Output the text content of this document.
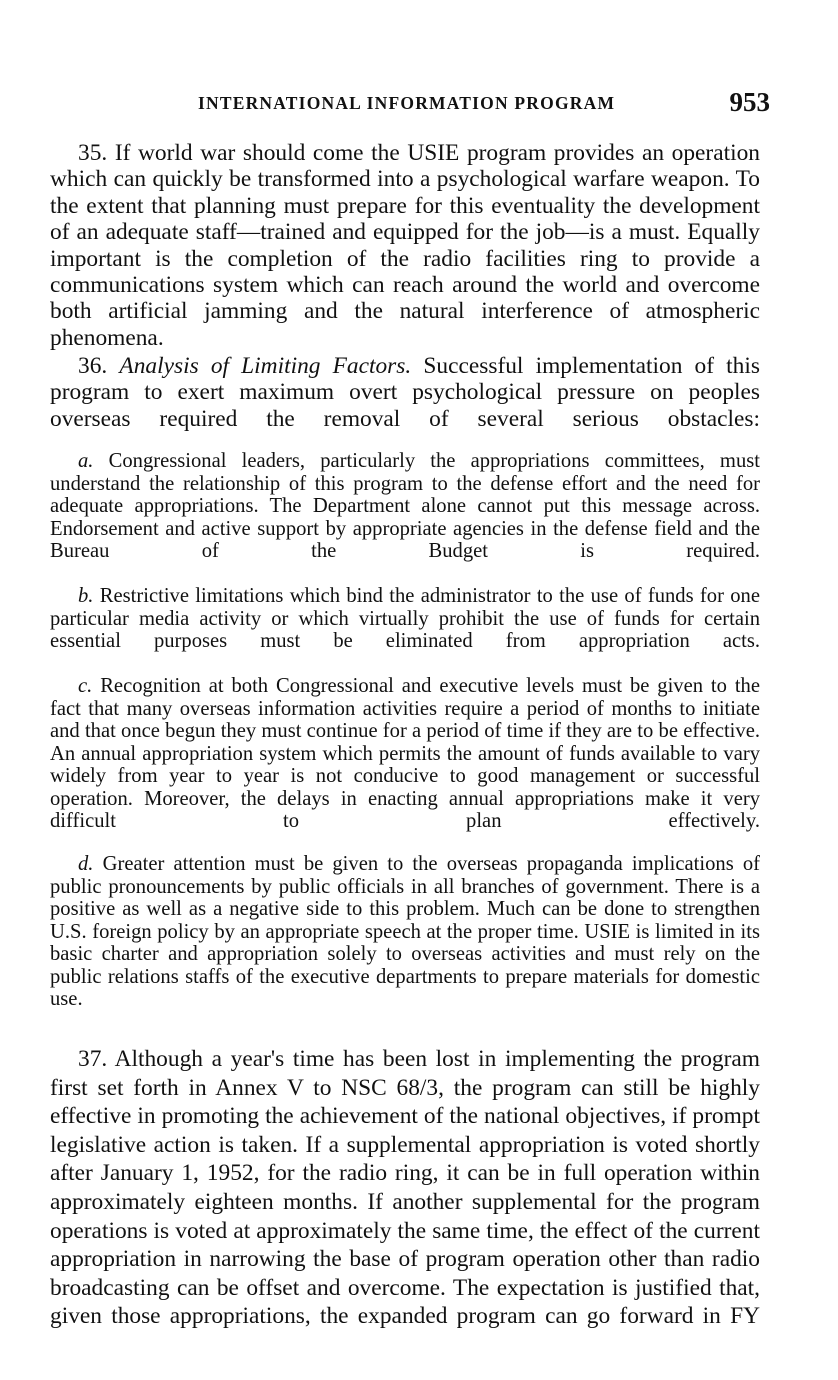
INTERNATIONAL INFORMATION PROGRAM	953

35. If world war should come the USIE program provides an operation which can quickly be transformed into a psychological warfare weapon. To the extent that planning must prepare for this eventuality the development of an adequate staff—trained and equipped for the job—is a must. Equally important is the completion of the radio facilities ring to provide a communications system which can reach around the world and overcome both artificial jamming and the natural interference of atmospheric phenomena.

36. Analysis of Limiting Factors. Successful implementation of this program to exert maximum overt psychological pressure on peoples overseas required the removal of several serious obstacles:

a. Congressional leaders, particularly the appropriations committees, must understand the relationship of this program to the defense effort and the need for adequate appropriations. The Department alone cannot put this message across. Endorsement and active support by appropriate agencies in the defense field and the Bureau of the Budget is required.

b. Restrictive limitations which bind the administrator to the use of funds for one particular media activity or which virtually prohibit the use of funds for certain essential purposes must be eliminated from appropriation acts.

c. Recognition at both Congressional and executive levels must be given to the fact that many overseas information activities require a period of months to initiate and that once begun they must continue for a period of time if they are to be effective. An annual appropriation system which permits the amount of funds available to vary widely from year to year is not conducive to good management or successful operation. Moreover, the delays in enacting annual appropriations make it very difficult to plan effectively.

d. Greater attention must be given to the overseas propaganda implications of public pronouncements by public officials in all branches of government. There is a positive as well as a negative side to this problem. Much can be done to strengthen U.S. foreign policy by an appropriate speech at the proper time. USIE is limited in its basic charter and appropriation solely to overseas activities and must rely on the public relations staffs of the executive departments to prepare materials for domestic use.

37. Although a year's time has been lost in implementing the program first set forth in Annex V to NSC 68/3, the program can still be highly effective in promoting the achievement of the national objectives, if prompt legislative action is taken. If a supplemental appropriation is voted shortly after January 1, 1952, for the radio ring, it can be in full operation within approximately eighteen months. If another supplemental for the program operations is voted at approximately the same time, the effect of the current appropriation in narrowing the base of program operation other than radio broadcasting can be offset and overcome. The expectation is justified that, given those appropriations, the expanded program can go forward in FY
